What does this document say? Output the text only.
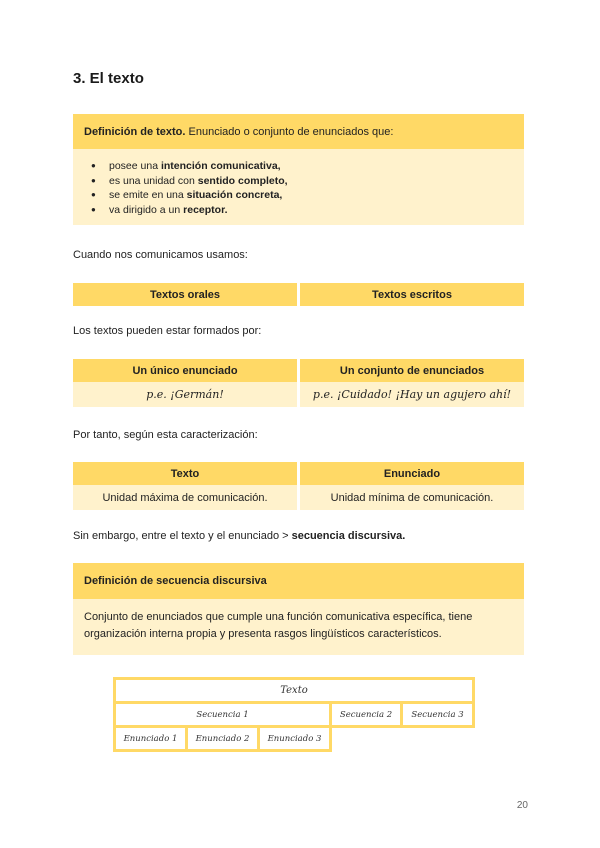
3. El texto
Definición de texto. Enunciado o conjunto de enunciados que:
● posee una intención comunicativa,
● es una unidad con sentido completo,
● se emite en una situación concreta,
● va dirigido a un receptor.
Cuando nos comunicamos usamos:
Textos orales	Textos escritos
Los textos pueden estar formados por:
Un único enunciado	Un conjunto de enunciados
p.e. ¡Germán!	p.e. ¡Cuidado! ¡Hay un agujero ahí!
Por tanto, según esta caracterización:
Texto	Enunciado
Unidad máxima de comunicación.	Unidad mínima de comunicación.
Sin embargo, entre el texto y el enunciado > secuencia discursiva.
Definición de secuencia discursiva
Conjunto de enunciados que cumple una función comunicativa específica, tiene organización interna propia y presenta rasgos lingüísticos característicos.
Texto				
Secuencia 1			Secuencia 2	Secuencia 3
Enunciado 1	Enunciado 2	Enunciado 3		
20
